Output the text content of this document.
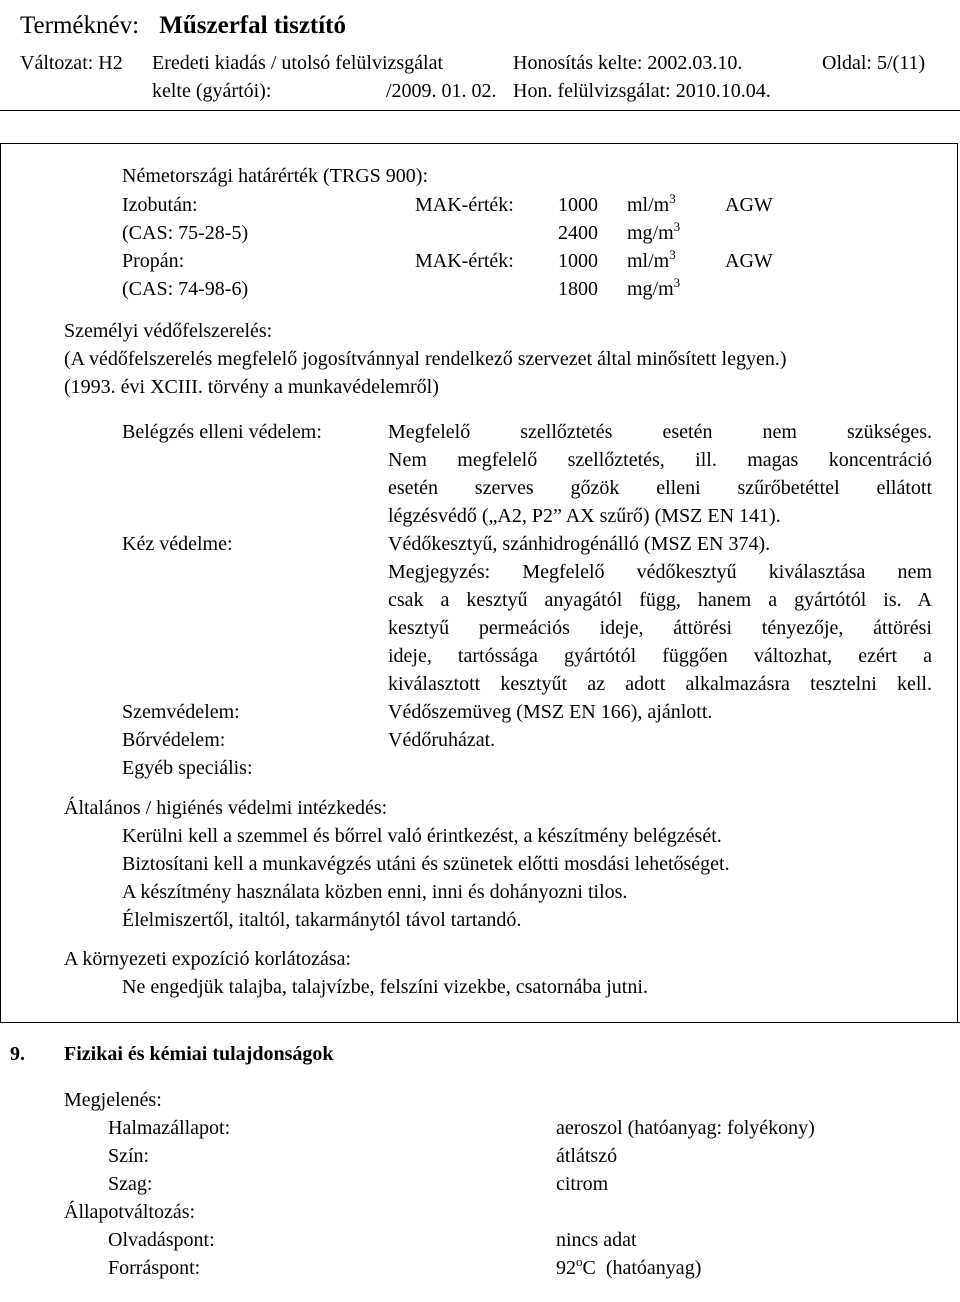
Terméknév: Műszerfal tisztító
Változat: H2 Eredeti kiadás / utolsó felülvizsgálat	Honosítás kelte: 2002.03.10.	Oldal: 5/(11)
kelte (gyártói):	/2009. 01. 02. Hon. felülvizsgálat: 2010.10.04.
Németországi határérték (TRGS 900):
Izobután:	MAK-érték: 1000 $ml/m^3$ AGW
(CAS: 75-28-5)	2400 $mg/m^3$
Propán:	MAK-érték: 1000 $ml/m^3$ AGW
(CAS: 74-98-6)	1800 $mg/m^3$
Személyi védőfelszerelés:
(A védőfelszerelés megfelelő jogosítvánnyal rendelkező szervezet által minősített legyen.)
(1993. évi XCIII. törvény a munkavédelemről)
Belégzés elleni védelem:	Megfelelő szellőztetés esetén nem szükséges.
Nem megfelelő szellőztetés, ill. magas koncentráció
esetén szerves gőzök elleni szűrőbetéttel ellátott
légzésvédő („A2, P2” AX szűrő) (MSZ EN 141).
Kéz védelme:	Védőkesztyű, szánhidrogénálló (MSZ EN 374).
Megjegyzés: Megfelelő védőkesztyű kiválasztása nem
csak a kesztyű anyagától függ, hanem a gyártótól is. A
kesztyű permeációs ideje, áttörési tényezője, áttörési
ideje, tartóssága gyártótól függően változhat, ezért a
kiválasztott kesztyűt az adott alkalmazásra tesztelni kell.
Szemvédelem:	Védőszemüveg (MSZ EN 166), ajánlott.
Bőrvédelem:	Védőruházat.
Egyéb speciális:
Általános / higiénés védelmi intézkedés:
Kerülni kell a szemmel és bőrrel való érintkezést, a készítmény belégzését.
Biztosítani kell a munkavégzés utáni és szünetek előtti mosdási lehetőséget.
A készítmény használata közben enni, inni és dohányozni tilos.
Élelmiszertől, italtól, takarmánytól távol tartandó.
A környezeti expozíció korlátozása:
Ne engedjük talajba, talajvízbe, felszíni vizekbe, csatornába jutni.
9. Fizikai és kémiai tulajdonságok
Megjelenés:
Halmazállapot:	aeroszol (hatóanyag: folyékony)
Szín:	átlátszó
Szag:	citrom
Állapotváltozás:
Olvadáspont:	nincs adat
Forráspont:	92$^o$C  (hatóanyag)
